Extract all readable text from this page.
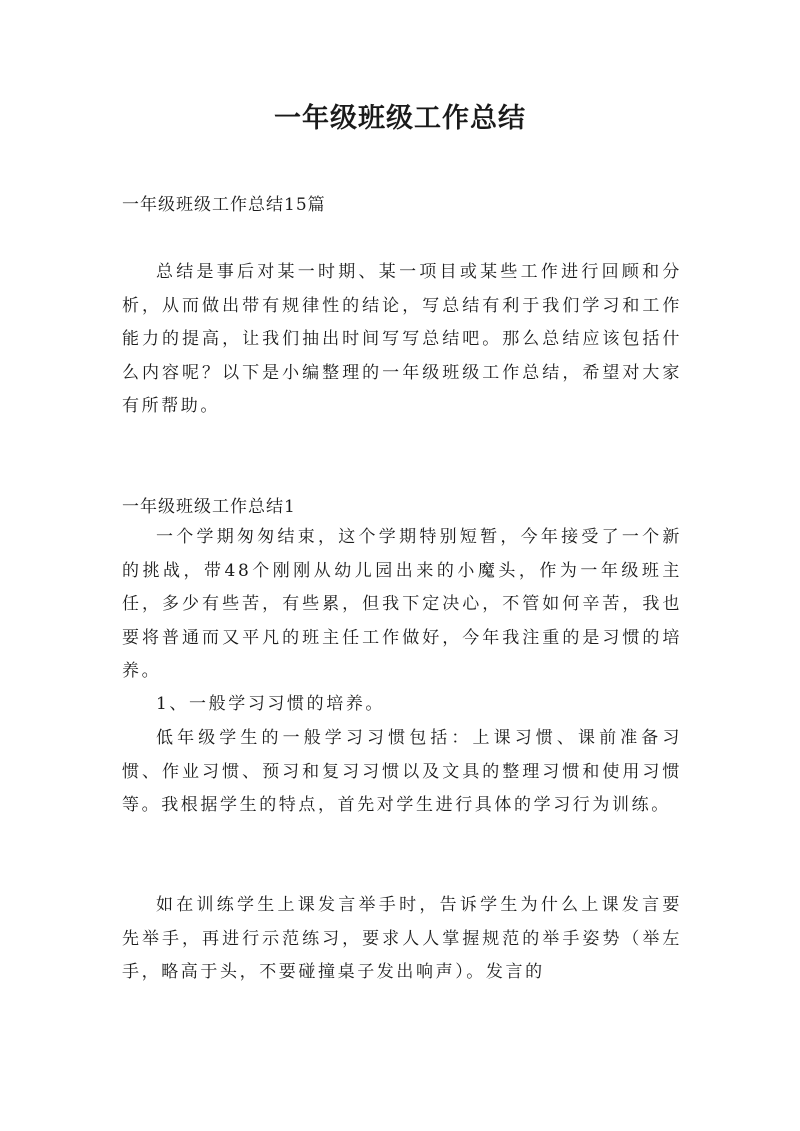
一年级班级工作总结

一年级班级工作总结15篇

总结是事后对某一时期、某一项目或某些工作进行回顾和分析，从而做出带有规律性的结论，写总结有利于我们学习和工作能力的提高，让我们抽出时间写写总结吧。那么总结应该包括什么内容呢？以下是小编整理的一年级班级工作总结，希望对大家有所帮助。

一年级班级工作总结1

一个学期匆匆结束，这个学期特别短暂，今年接受了一个新的挑战，带48个刚刚从幼儿园出来的小魔头，作为一年级班主任，多少有些苦，有些累，但我下定决心，不管如何辛苦，我也要将普通而又平凡的班主任工作做好，今年我注重的是习惯的培养。

1、一般学习习惯的培养。

低年级学生的一般学习习惯包括：上课习惯、课前准备习惯、作业习惯、预习和复习习惯以及文具的整理习惯和使用习惯等。我根据学生的特点，首先对学生进行具体的学习行为训练。

如在训练学生上课发言举手时，告诉学生为什么上课发言要先举手，再进行示范练习，要求人人掌握规范的举手姿势（举左手，略高于头，不要碰撞桌子发出响声）。发言的
